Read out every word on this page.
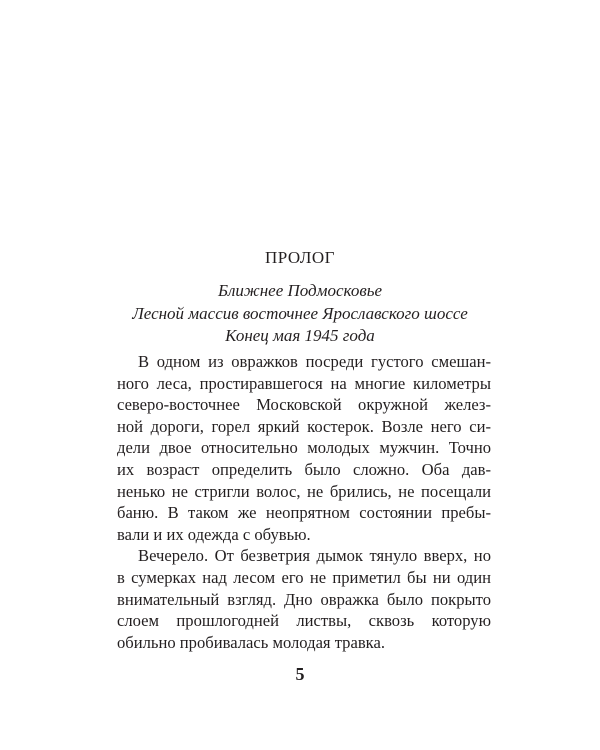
ПРОЛОГ
Ближнее Подмосковье
Лесной массив восточнее Ярославского шоссе
Конец мая 1945 года
В одном из овражков посреди густого смешан-
ного леса, простиравшегося на многие километры
северо-восточнее Московской окружной желез-
ной дороги, горел яркий костерок. Возле него си-
дели двое относительно молодых мужчин. Точно
их возраст определить было сложно. Оба дав-
ненько не стригли волос, не брились, не посещали
баню. В таком же неопрятном состоянии пребы-
вали и их одежда с обувью.
Вечерело. От безветрия дымок тянуло вверх, но
в сумерках над лесом его не приметил бы ни один
внимательный взгляд. Дно овражка было покрыто
слоем прошлогодней листвы, сквозь которую
обильно пробивалась молодая травка.
5
